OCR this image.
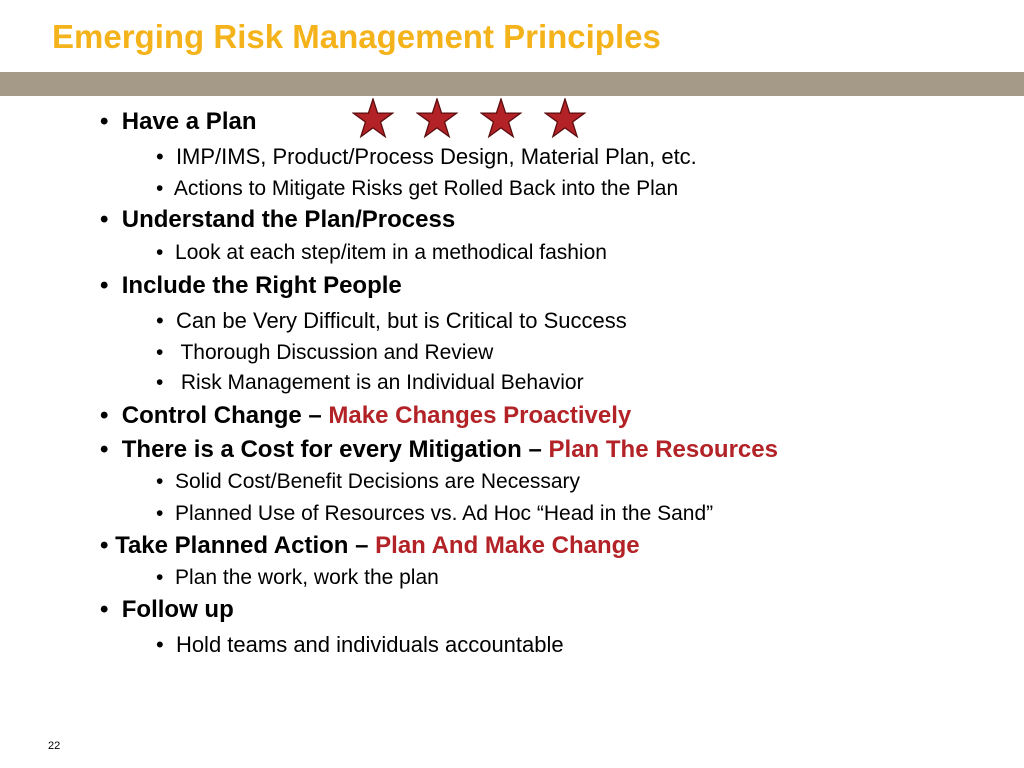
Emerging Risk Management Principles
• Have a Plan
• IMP/IMS, Product/Process Design, Material Plan, etc.
• Actions to Mitigate Risks get Rolled Back into the Plan
• Understand the Plan/Process
• Look at each step/item in a methodical fashion
• Include the Right People
• Can be Very Difficult, but is Critical to Success
• Thorough Discussion and Review
• Risk Management is an Individual Behavior
• Control Change – Make Changes Proactively
• There is a Cost for every Mitigation – Plan The Resources
• Solid Cost/Benefit Decisions are Necessary
• Planned Use of Resources vs. Ad Hoc “Head in the Sand”
• Take Planned Action – Plan And Make Change
• Plan the work, work the plan
• Follow up
• Hold teams and individuals accountable
22
